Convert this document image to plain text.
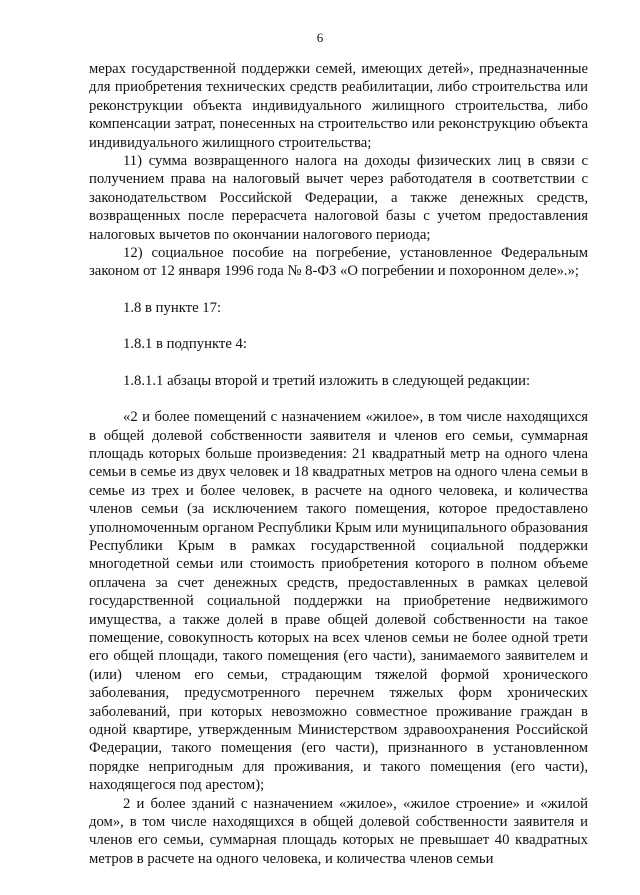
6

мерах государственной поддержки семей, имеющих детей», предназначенные для приобретения технических средств реабилитации, либо строительства или реконструкции объекта индивидуального жилищного строительства, либо компенсации затрат, понесенных на строительство или реконструкцию объекта индивидуального жилищного строительства;

11) сумма возвращенного налога на доходы физических лиц в связи с получением права на налоговый вычет через работодателя в соответствии с законодательством Российской Федерации, а также денежных средств, возвращенных после перерасчета налоговой базы с учетом предоставления налоговых вычетов по окончании налогового периода;

12) социальное пособие на погребение, установленное Федеральным законом от 12 января 1996 года № 8-ФЗ «О погребении и похоронном деле».»;

1.8 в пункте 17:

1.8.1 в подпункте 4:

1.8.1.1 абзацы второй и третий изложить в следующей редакции:

«2 и более помещений с назначением «жилое», в том числе находящихся в общей долевой собственности заявителя и членов его семьи, суммарная площадь которых больше произведения: 21 квадратный метр на одного члена семьи в семье из двух человек и 18 квадратных метров на одного члена семьи в семье из трех и более человек, в расчете на одного человека, и количества членов семьи (за исключением такого помещения, которое предоставлено уполномоченным органом Республики Крым или муниципального образования Республики Крым в рамках государственной социальной поддержки многодетной семьи или стоимость приобретения которого в полном объеме оплачена за счет денежных средств, предоставленных в рамках целевой государственной социальной поддержки на приобретение недвижимого имущества, а также долей в праве общей долевой собственности на такое помещение, совокупность которых на всех членов семьи не более одной трети его общей площади, такого помещения (его части), занимаемого заявителем и (или) членом его семьи, страдающим тяжелой формой хронического заболевания, предусмотренного перечнем тяжелых форм хронических заболеваний, при которых невозможно совместное проживание граждан в одной квартире, утвержденным Министерством здравоохранения Российской Федерации, такого помещения (его части), признанного в установленном порядке непригодным для проживания, и такого помещения (его части), находящегося под арестом);

2 и более зданий с назначением «жилое», «жилое строение» и «жилой дом», в том числе находящихся в общей долевой собственности заявителя и членов его семьи, суммарная площадь которых не превышает 40 квадратных метров в расчете на одного человека, и количества членов семьи
